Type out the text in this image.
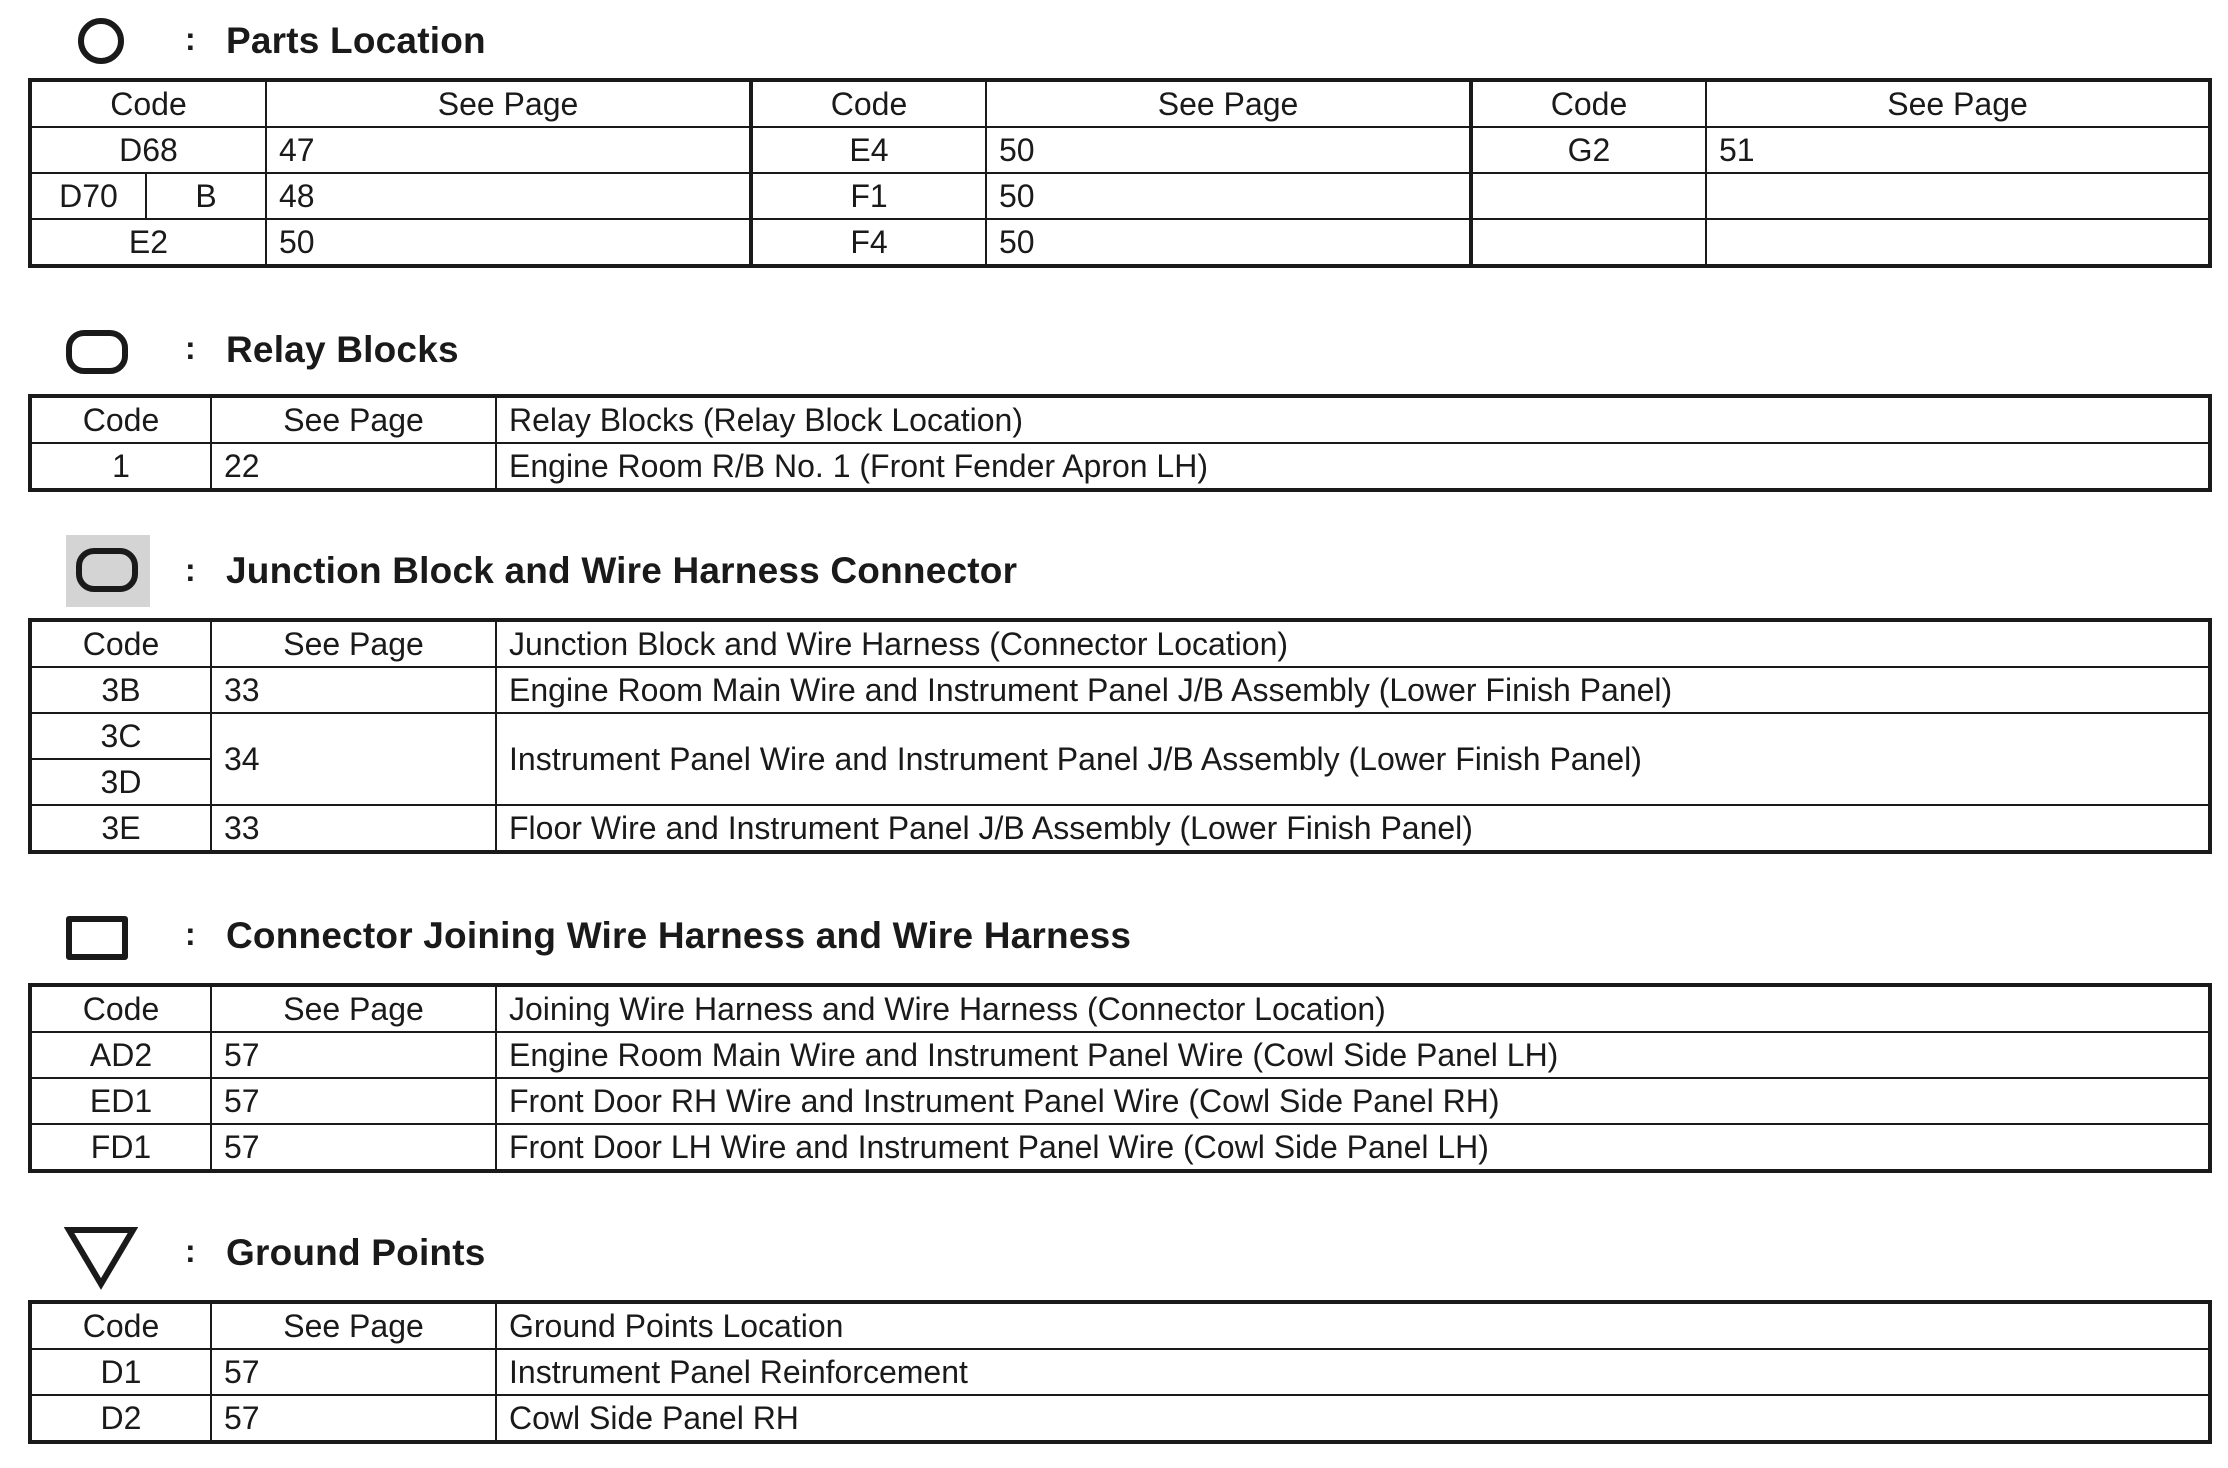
: Parts Location
Code		See Page	Code	See Page	Code	See Page
D68		47	E4	50	G2	51
D70	B	48	F1	50		
E2		50	F4	50		
: Relay Blocks
Code	See Page	Relay Blocks (Relay Block Location)
1	22	Engine Room R/B No. 1 (Front Fender Apron LH)
: Junction Block and Wire Harness Connector
Code	See Page	Junction Block and Wire Harness (Connector Location)
3B	33	Engine Room Main Wire and Instrument Panel J/B Assembly (Lower Finish Panel)
3C	34	Instrument Panel Wire and Instrument Panel J/B Assembly (Lower Finish Panel)
3D		
3E	33	Floor Wire and Instrument Panel J/B Assembly (Lower Finish Panel)
: Connector Joining Wire Harness and Wire Harness
Code	See Page	Joining Wire Harness and Wire Harness (Connector Location)
AD2	57	Engine Room Main Wire and Instrument Panel Wire (Cowl Side Panel LH)
ED1	57	Front Door RH Wire and Instrument Panel Wire (Cowl Side Panel RH)
FD1	57	Front Door LH Wire and Instrument Panel Wire (Cowl Side Panel LH)
: Ground Points
Code	See Page	Ground Points Location
D1	57	Instrument Panel Reinforcement
D2	57	Cowl Side Panel RH
